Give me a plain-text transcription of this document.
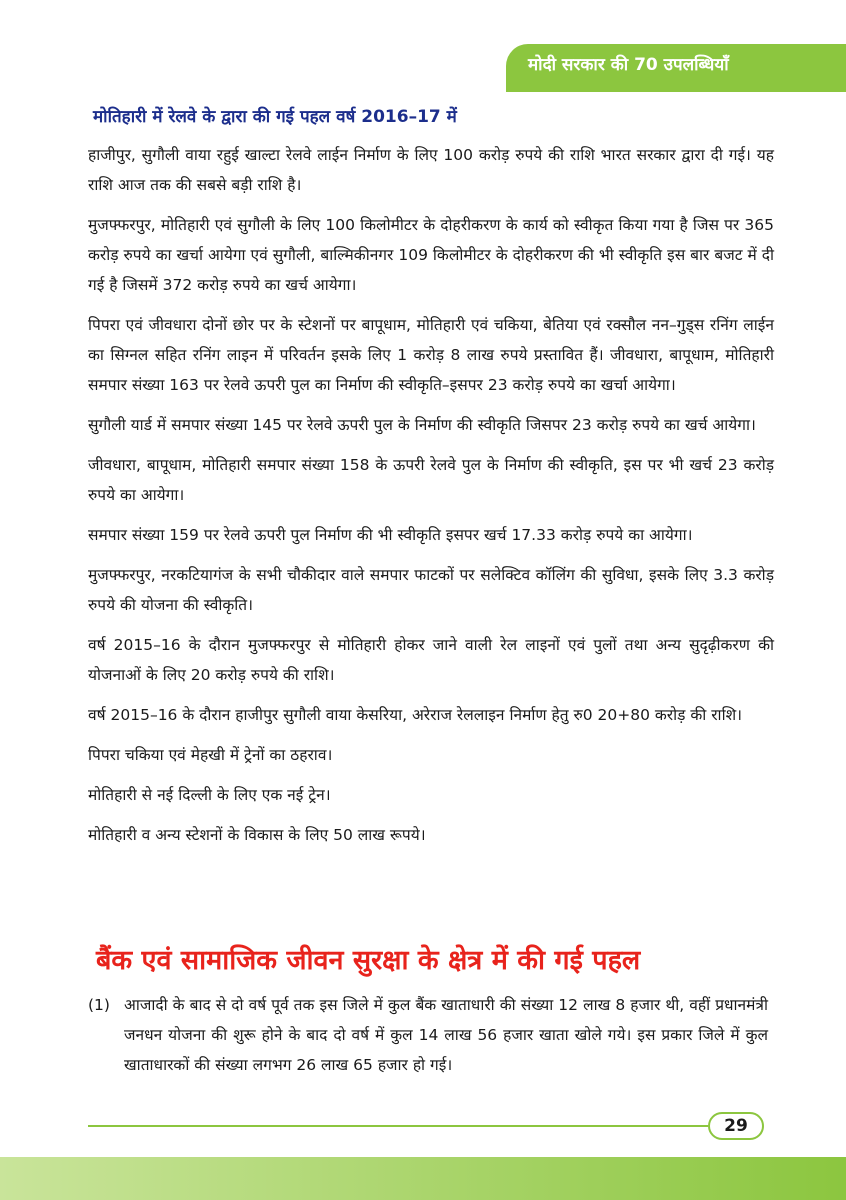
मोदी सरकार की 70 उपलब्धियाँ
मोतिहारी में रेलवे के द्वारा की गई पहल वर्ष 2016–17 में

हाजीपुर, सुगौली वाया रहुई खाल्टा रेलवे लाईन निर्माण के लिए 100 करोड़ रुपये की राशि भारत सरकार द्वारा दी गई। यह राशि आज तक की सबसे बड़ी राशि है।

मुजफ्फरपुर, मोतिहारी एवं सुगौली के लिए 100 किलोमीटर के दोहरीकरण के कार्य को स्वीकृत किया गया है जिस पर 365 करोड़ रुपये का खर्चा आयेगा एवं सुगौली, बाल्मिकीनगर 109 किलोमीटर के दोहरीकरण की भी स्वीकृति इस बार बजट में दी गई है जिसमें 372 करोड़ रुपये का खर्च आयेगा।

पिपरा एवं जीवधारा दोनों छोर पर के स्टेशनों पर बापूधाम, मोतिहारी एवं चकिया, बेतिया एवं रक्सौल नन–गुड्स रनिंग लाईन का सिग्नल सहित रनिंग लाइन में परिवर्तन इसके लिए 1 करोड़ 8 लाख रुपये प्रस्तावित हैं। जीवधारा, बापूधाम, मोतिहारी समपार संख्या 163 पर रेलवे ऊपरी पुल का निर्माण की स्वीकृति–इसपर 23 करोड़ रुपये का खर्चा आयेगा।

सुगौली यार्ड में समपार संख्या 145 पर रेलवे ऊपरी पुल के निर्माण की स्वीकृति जिसपर 23 करोड़ रुपये का खर्च आयेगा।

जीवधारा, बापूधाम, मोतिहारी समपार संख्या 158 के ऊपरी रेलवे पुल के निर्माण की स्वीकृति, इस पर भी खर्च 23 करोड़ रुपये का आयेगा।

समपार संख्या 159 पर रेलवे ऊपरी पुल निर्माण की भी स्वीकृति इसपर खर्च 17.33 करोड़ रुपये का आयेगा।

मुजफ्फरपुर, नरकटियागंज के सभी चौकीदार वाले समपार फाटकों पर सलेक्टिव कॉलिंग की सुविधा, इसके लिए 3.3 करोड़ रुपये की योजना की स्वीकृति।

वर्ष 2015–16 के दौरान मुजफ्फरपुर से मोतिहारी होकर जाने वाली रेल लाइनों एवं पुलों तथा अन्य सुदृढ़ीकरण की योजनाओं के लिए 20 करोड़ रुपये की राशि।

वर्ष 2015–16 के दौरान हाजीपुर सुगौली वाया केसरिया, अरेराज रेललाइन निर्माण हेतु रु0 20+80 करोड़ की राशि।

पिपरा चकिया एवं मेहखी में ट्रेनों का ठहराव।

मोतिहारी से नई दिल्ली के लिए एक नई ट्रेन।

मोतिहारी व अन्य स्टेशनों के विकास के लिए 50 लाख रूपये।

बैंक एवं सामाजिक जीवन सुरक्षा के क्षेत्र में की गई पहल
(1) आजादी के बाद से दो वर्ष पूर्व तक इस जिले में कुल बैंक खाताधारी की संख्या 12 लाख 8 हजार थी, वहीं प्रधानमंत्री जनधन योजना की शुरू होने के बाद दो वर्ष में कुल 14 लाख 56 हजार खाता खोले गये। इस प्रकार जिले में कुल खाताधारकों की संख्या लगभग 26 लाख 65 हजार हो गई।

29
